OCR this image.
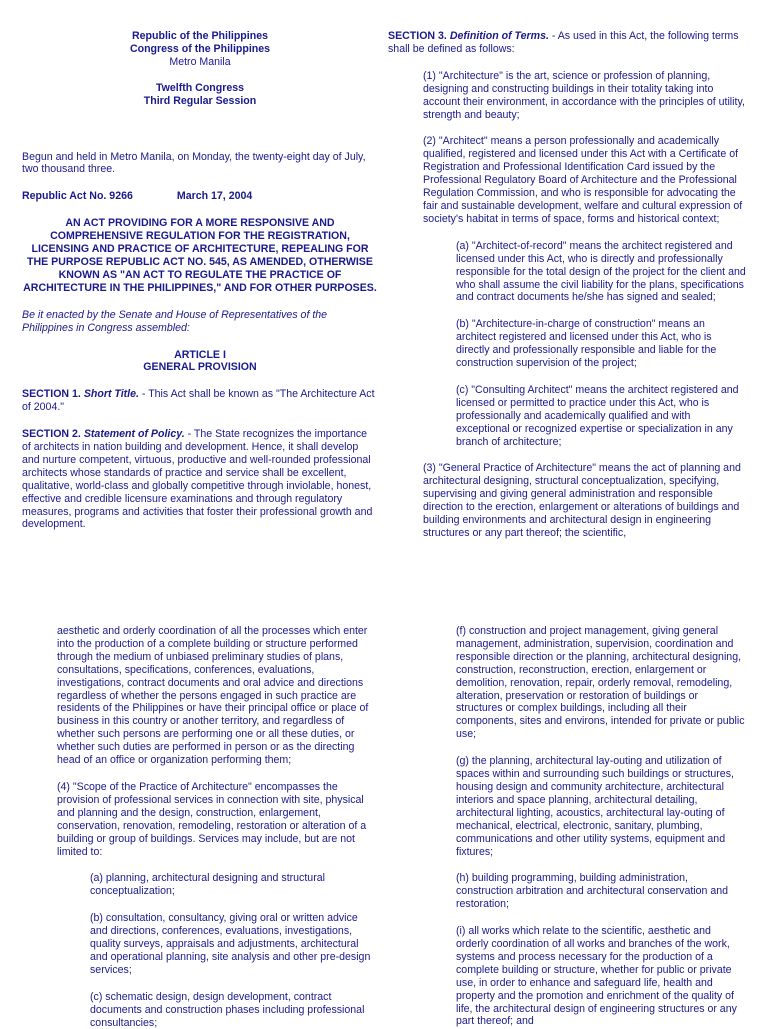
Republic of the Philippines

Congress of the Philippines

Metro Manila

Twelfth Congress

Third Regular Session

Begun and held in Metro Manila, on Monday, the twenty-eight day of July, two thousand three.

Republic Act No. 9266	March 17, 2004

AN ACT PROVIDING FOR A MORE RESPONSIVE AND COMPREHENSIVE REGULATION FOR THE REGISTRATION, LICENSING AND PRACTICE OF ARCHITECTURE, REPEALING FOR THE PURPOSE REPUBLIC ACT NO. 545, AS AMENDED, OTHERWISE KNOWN AS "AN ACT TO REGULATE THE PRACTICE OF ARCHITECTURE IN THE PHILIPPINES," AND FOR OTHER PURPOSES.

Be it enacted by the Senate and House of Representatives of the Philippines in Congress assembled:

ARTICLE I

GENERAL PROVISION

SECTION 1. Short Title. - This Act shall be known as "The Architecture Act of 2004."

SECTION 2. Statement of Policy. - The State recognizes the importance of architects in nation building and development. Hence, it shall develop and nurture competent, virtuous, productive and well-rounded professional architects whose standards of practice and service shall be excellent, qualitative, world-class and globally competitive through inviolable, honest, effective and credible licensure examinations and through regulatory measures, programs and activities that foster their professional growth and development.

SECTION 3. Definition of Terms. - As used in this Act, the following terms shall be defined as follows:

(1) "Architecture" is the art, science or profession of planning, designing and constructing buildings in their totality taking into account their environment, in accordance with the principles of utility, strength and beauty;

(2) "Architect" means a person professionally and academically qualified, registered and licensed under this Act with a Certificate of Registration and Professional Identification Card issued by the Professional Regulatory Board of Architecture and the Professional Regulation Commission, and who is responsible for advocating the fair and sustainable development, welfare and cultural expression of society's habitat in terms of space, forms and historical context;

(a) "Architect-of-record" means the architect registered and licensed under this Act, who is directly and professionally responsible for the total design of the project for the client and who shall assume the civil liability for the plans, specifications and contract documents he/she has signed and sealed;

(b) "Architecture-in-charge of construction" means an architect registered and licensed under this Act, who is directly and professionally responsible and liable for the construction supervision of the project;

(c) "Consulting Architect" means the architect registered and licensed or permitted to practice under this Act, who is professionally and academically qualified and with exceptional or recognized expertise or specialization in any branch of architecture;

(3) "General Practice of Architecture" means the act of planning and architectural designing, structural conceptualization, specifying, supervising and giving general administration and responsible direction to the erection, enlargement or alterations of buildings and building environments and architectural design in engineering structures or any part thereof; the scientific,

aesthetic and orderly coordination of all the processes which enter into the production of a complete building or structure performed through the medium of unbiased preliminary studies of plans, consultations, specifications, conferences, evaluations, investigations, contract documents and oral advice and directions regardless of whether the persons engaged in such practice are residents of the Philippines or have their principal office or place of business in this country or another territory, and regardless of whether such persons are performing one or all these duties, or whether such duties are performed in person or as the directing head of an office or organization performing them;

(4) "Scope of the Practice of Architecture" encompasses the provision of professional services in connection with site, physical and planning and the design, construction, enlargement, conservation, renovation, remodeling, restoration or alteration of a building or group of buildings. Services may include, but are not limited to:

(a) planning, architectural designing and structural conceptualization;

(b) consultation, consultancy, giving oral or written advice and directions, conferences, evaluations, investigations, quality surveys, appraisals and adjustments, architectural and operational planning, site analysis and other pre-design services;

(c) schematic design, design development, contract documents and construction phases including professional consultancies;

(f) construction and project management, giving general management, administration, supervision, coordination and responsible direction or the planning, architectural designing, construction, reconstruction, erection, enlargement or demolition, renovation, repair, orderly removal, remodeling, alteration, preservation or restoration of buildings or structures or complex buildings, including all their components, sites and environs, intended for private or public use;

(g) the planning, architectural lay-outing and utilization of spaces within and surrounding such buildings or structures, housing design and community architecture, architectural interiors and space planning, architectural detailing, architectural lighting, acoustics, architectural lay-outing of mechanical, electrical, electronic, sanitary, plumbing, communications and other utility systems, equipment and fixtures;

(h) building programming, building administration, construction arbitration and architectural conservation and restoration;

(i) all works which relate to the scientific, aesthetic and orderly coordination of all works and branches of the work, systems and process necessary for the production of a complete building or structure, whether for public or private use, in order to enhance and safeguard life, health and property and the promotion and enrichment of the quality of life, the architectural design of engineering structures or any part thereof; and
